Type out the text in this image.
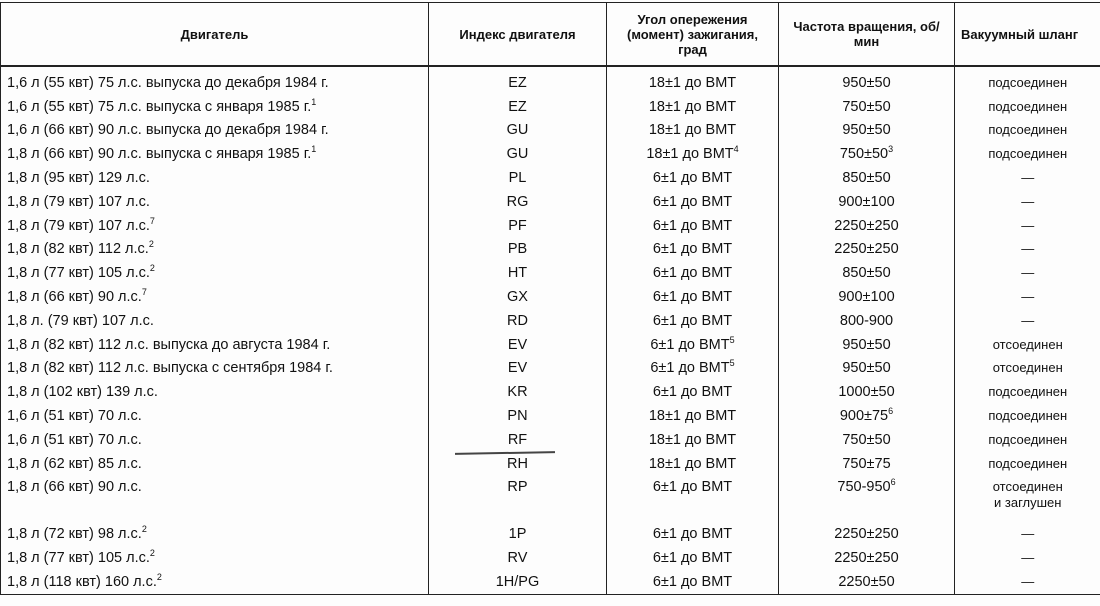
Двигатель	Индекс двигателя	Угол опережения (момент) зажигания, град	Частота вращения, об/мин	Вакуумный шланг
1,6 л (55 квт) 75 л.с. выпуска до декабря 1984 г.	EZ	18±1 до ВМТ	950±50	подсоединен
1,6 л (55 квт) 75 л.с. выпуска с января 1985 г.$^1$	EZ	18±1 до ВМТ	750±50	подсоединен
1,6 л (66 квт) 90 л.с. выпуска до декабря 1984 г.	GU	18±1 до ВМТ	950±50	подсоединен
1,8 л (66 квт) 90 л.с. выпуска с января 1985 г.$^1$	GU	18±1 до ВМТ$^4$	$750\pm 50^3$	подсоединен
1,8 л (95 квт) 129 л.с.	PL	6±1 до ВМТ	850±50	—
1,8 л (79 квт) 107 л.с.	RG	6±1 до ВМТ	900±100	—
1,8 л (79 квт) 107 л.с.$^7$	PF	6±1 до ВМТ	2250±250	—
1,8 л (82 квт) 112 л.с.$^2$	PB	6±1 до ВМТ	2250±250	—
1,8 л (77 квт) 105 л.с.$^2$	HT	6±1 до ВМТ	850±50	—
1,8 л (66 квт) 90 л.с.$^7$	GX	6±1 до ВМТ	900±100	—
1,8 л. (79 квт) 107 л.с.	RD	6±1 до ВМТ	800-900	—
1,8 л (82 квт) 112 л.с. выпуска до августа 1984 г.	EV	6±1 до ВМТ$^5$	950±50	отсоединен
1,8 л (82 квт) 112 л.с. выпуска с сентября 1984 г.	EV	6±1 до ВМТ$^5$	950±50	отсоединен
1,8 л (102 квт) 139 л.с.	KR	6±1 до ВМТ	1000±50	подсоединен
1,6 л (51 квт) 70 л.с.	PN	18±1 до ВМТ	$900\pm 75^6$	подсоединен
1,6 л (51 квт) 70 л.с.	RF	18±1 до ВМТ	750±50	подсоединен
1,8 л (62 квт) 85 л.с.	RH	18±1 до ВМТ	750±75	подсоединен
1,8 л (66 квт) 90 л.с.	RP	6±1 до ВМТ	$750-950^6$	отсоединен
и заглушен
1,8 л (72 квт) 98 л.с.$^2$	1P	6±1 до ВМТ	2250±250	—
1,8 л (77 квт) 105 л.с.$^2$	RV	6±1 до ВМТ	2250±250	—
1,8 л (118 квт) 160 л.с.$^2$	1H/PG	6±1 до ВМТ	2250±50	—
